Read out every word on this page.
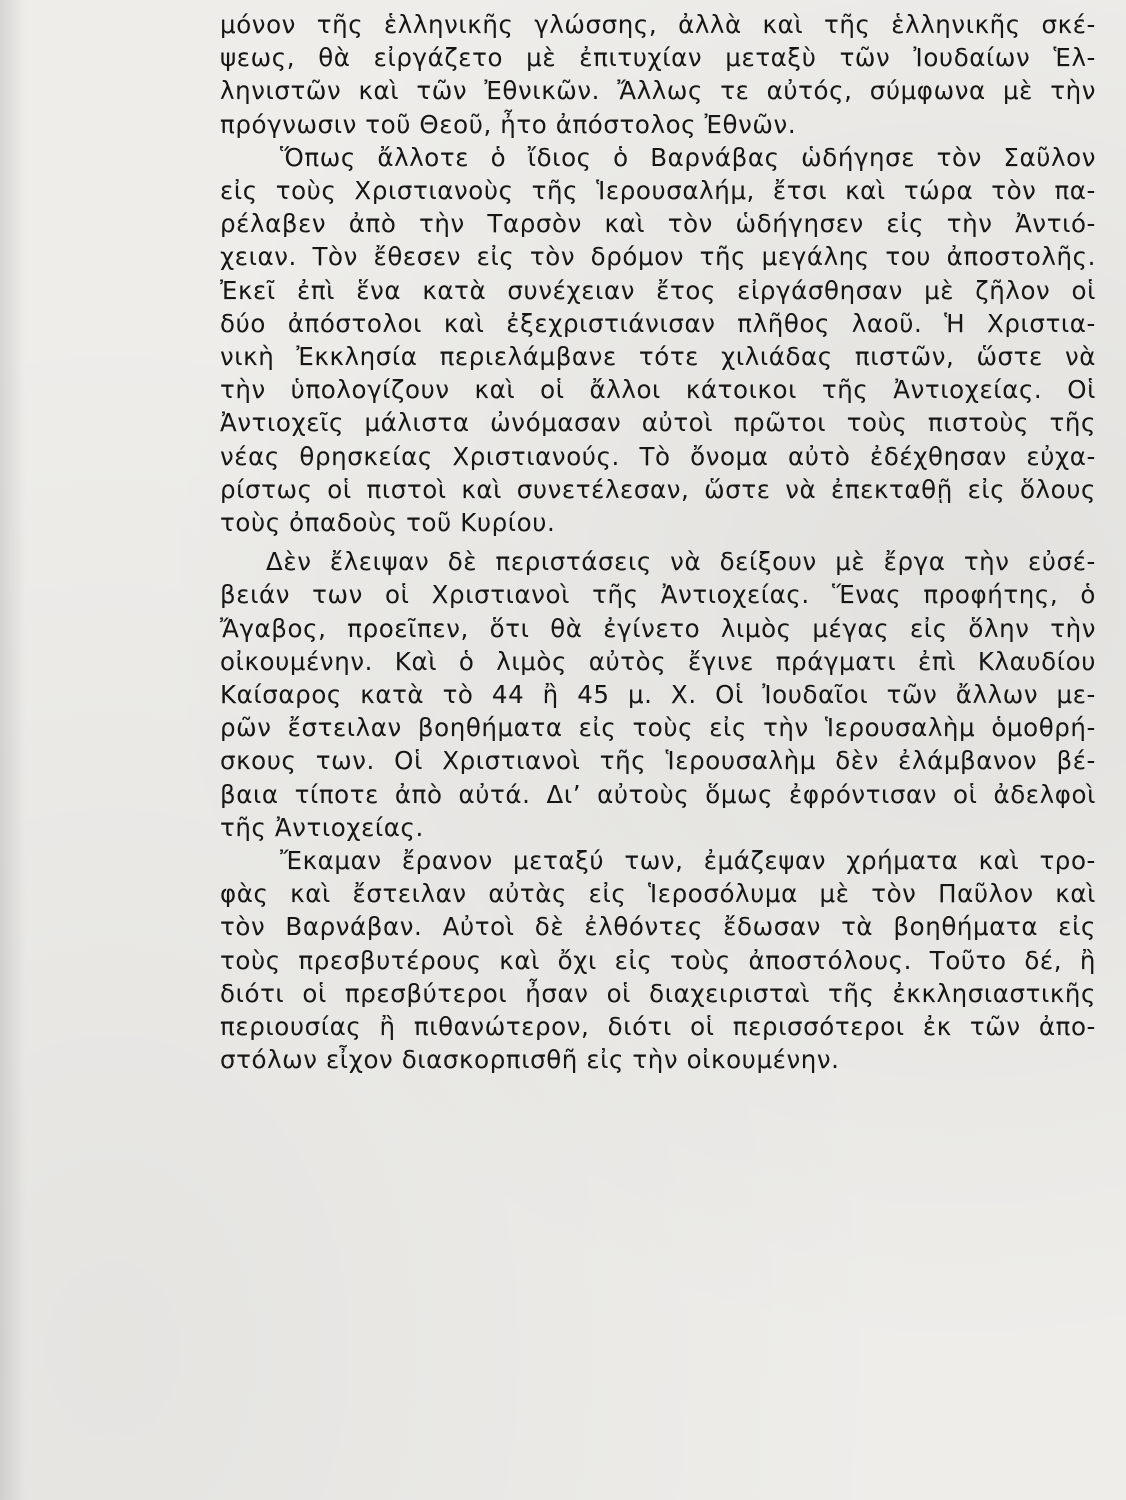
μόνον τῆς ἑλληνικῆς γλώσσης, ἀλλὰ καὶ τῆς ἑλληνικῆς σκέ-
ψεως, θὰ εἰργάζετο μὲ ἐπιτυχίαν μεταξὺ τῶν Ἰουδαίων Ἑλ-
ληνιστῶν καὶ τῶν Ἐθνικῶν. Ἄλλως τε αὐτός, σύμφωνα μὲ τὴν
πρόγνωσιν τοῦ Θεοῦ, ἦτο ἀπόστολος Ἐθνῶν.
Ὅπως ἄλλοτε ὁ ἴδιος ὁ Βαρνάβας ὡδήγησε τὸν Σαῦλον
εἰς τοὺς Χριστιανοὺς τῆς Ἱερουσαλήμ, ἔτσι καὶ τώρα τὸν πα-
ρέλαβεν ἀπὸ τὴν Ταρσὸν καὶ τὸν ὡδήγησεν εἰς τὴν Ἀντιό-
χειαν. Τὸν ἔθεσεν εἰς τὸν δρόμον τῆς μεγάλης του ἀποστολῆς.
Ἐκεῖ ἐπὶ ἕνα κατὰ συνέχειαν ἔτος εἰργάσθησαν μὲ ζῆλον οἱ
δύο ἀπόστολοι καὶ ἐξεχριστιάνισαν πλῆθος λαοῦ. Ἡ Χριστια-
νικὴ Ἐκκλησία περιελάμβανε τότε χιλιάδας πιστῶν, ὥστε νὰ
τὴν ὑπολογίζουν καὶ οἱ ἄλλοι κάτοικοι τῆς Ἀντιοχείας. Οἱ
Ἀντιοχεῖς μάλιστα ὠνόμασαν αὐτοὶ πρῶτοι τοὺς πιστοὺς τῆς
νέας θρησκείας Χριστιανούς. Τὸ ὄνομα αὐτὸ ἐδέχθησαν εὐχα-
ρίστως οἱ πιστοὶ καὶ συνετέλεσαν, ὥστε νὰ ἐπεκταθῇ εἰς ὅλους
τοὺς ὀπαδοὺς τοῦ Κυρίου.
Δὲν ἔλειψαν δὲ περιστάσεις νὰ δείξουν μὲ ἔργα τὴν εὐσέ-
βειάν των οἱ Χριστιανοὶ τῆς Ἀντιοχείας. Ἕνας προφήτης, ὁ
Ἄγαβος, προεῖπεν, ὅτι θὰ ἐγίνετο λιμὸς μέγας εἰς ὅλην τὴν
οἰκουμένην. Καὶ ὁ λιμὸς αὐτὸς ἔγινε πράγματι ἐπὶ Κλαυδίου
Καίσαρος κατὰ τὸ 44 ἢ 45 μ. Χ. Οἱ Ἰουδαῖοι τῶν ἄλλων με-
ρῶν ἔστειλαν βοηθήματα εἰς τοὺς εἰς τὴν Ἱερουσαλὴμ ὁμοθρή-
σκους των. Οἱ Χριστιανοὶ τῆς Ἱερουσαλὴμ δὲν ἐλάμβανον βέ-
βαια τίποτε ἀπὸ αὐτά. Δι’ αὐτοὺς ὅμως ἐφρόντισαν οἱ ἀδελφοὶ
τῆς Ἀντιοχείας.
Ἔκαμαν ἔρανον μεταξύ των, ἐμάζεψαν χρήματα καὶ τρο-
φὰς καὶ ἔστειλαν αὐτὰς εἰς Ἱεροσόλυμα μὲ τὸν Παῦλον καὶ
τὸν Βαρνάβαν. Αὐτοὶ δὲ ἐλθόντες ἔδωσαν τὰ βοηθήματα εἰς
τοὺς πρεσβυτέρους καὶ ὄχι εἰς τοὺς ἀποστόλους. Τοῦτο δέ, ἢ
διότι οἱ πρεσβύτεροι ἦσαν οἱ διαχειρισταὶ τῆς ἐκκλησιαστικῆς
περιουσίας ἢ πιθανώτερον, διότι οἱ περισσότεροι ἐκ τῶν ἀπο-
στόλων εἶχον διασκορπισθῆ εἰς τὴν οἰκουμένην.
